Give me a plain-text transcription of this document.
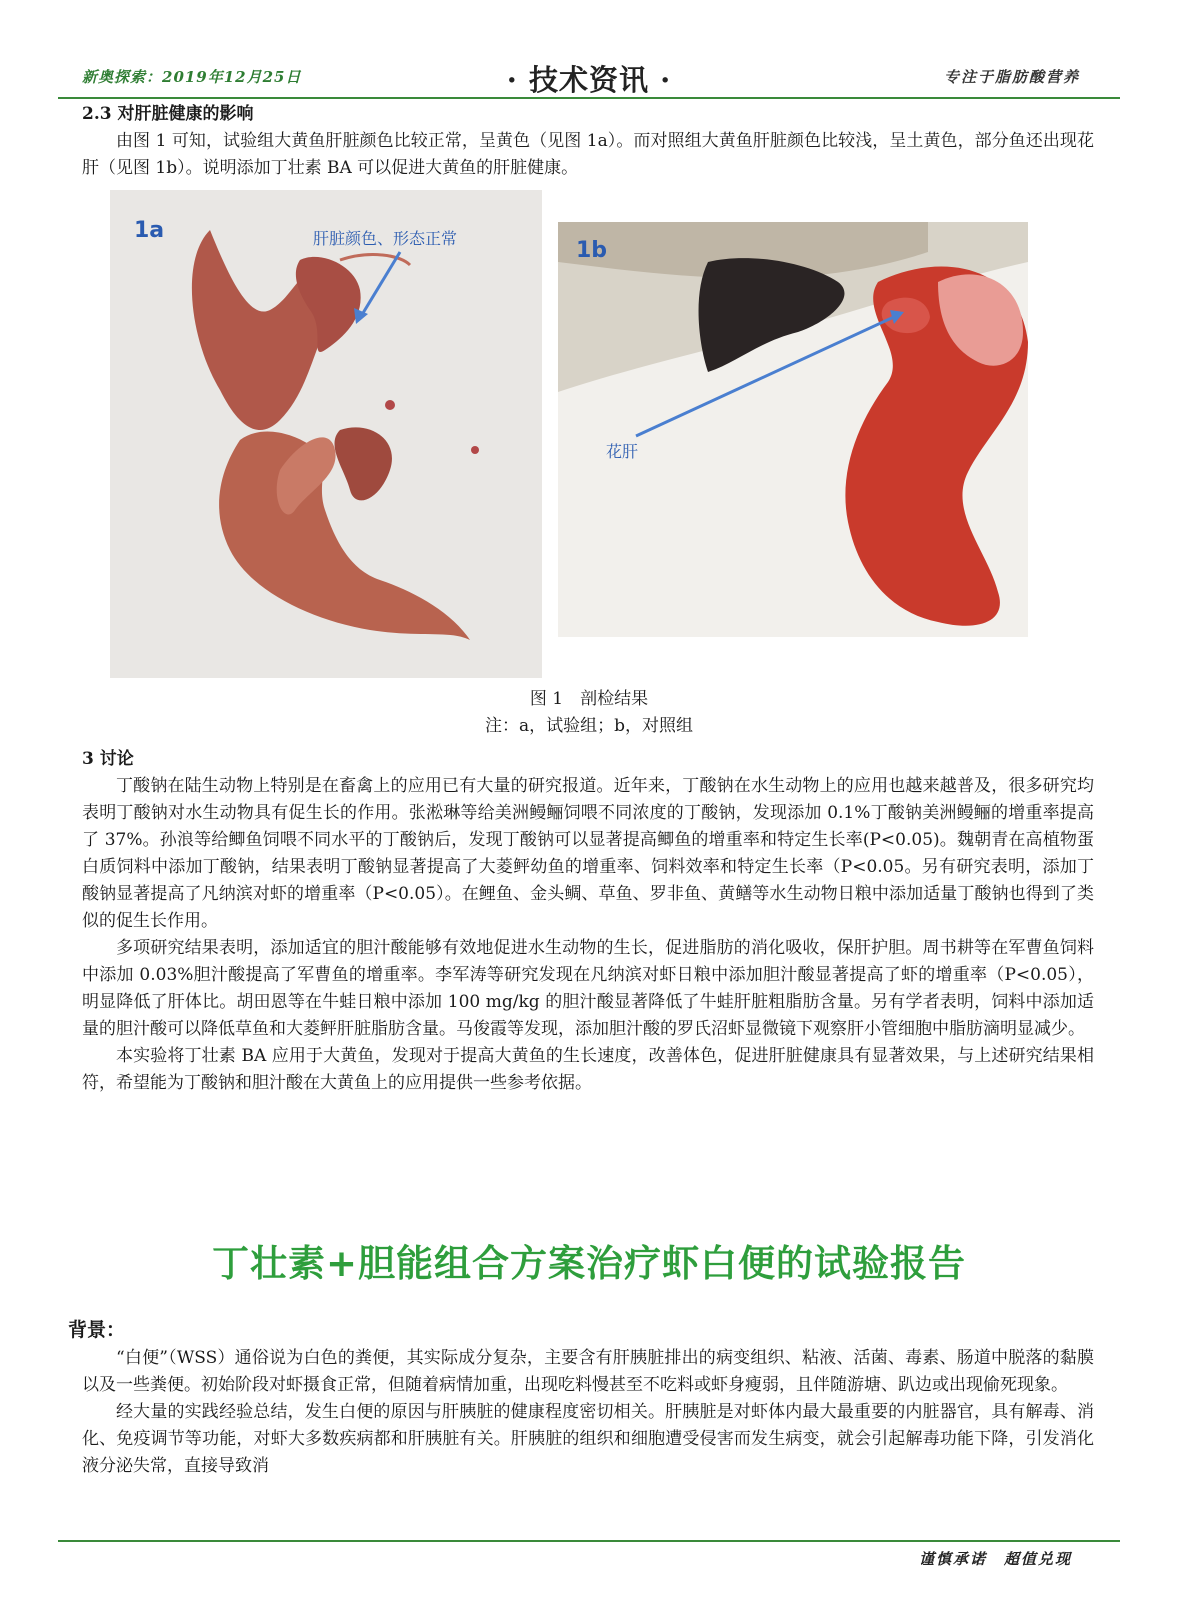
新奥探索：2019年12月25日	· 技术资讯 ·	专注于脂肪酸营养

2.3 对肝脏健康的影响

由图 1 可知，试验组大黄鱼肝脏颜色比较正常，呈黄色（见图 1a）。而对照组大黄鱼肝脏颜色比较浅，呈土黄色，部分鱼还出现花肝（见图 1b）。说明添加丁壮素 BA 可以促进大黄鱼的肝脏健康。

1a	肝脏颜色、形态正常	1b
花肝
图 1　剖检结果
注：a，试验组；b，对照组

3 讨论

丁酸钠在陆生动物上特别是在畜禽上的应用已有大量的研究报道。近年来，丁酸钠在水生动物上的应用也越来越普及，很多研究均表明丁酸钠对水生动物具有促生长的作用。张淞琳等给美洲鳗鲡饲喂不同浓度的丁酸钠，发现添加 0.1%丁酸钠美洲鳗鲡的增重率提高了 37%。孙浪等给鲫鱼饲喂不同水平的丁酸钠后，发现丁酸钠可以显著提高鲫鱼的增重率和特定生长率(P<0.05)。魏朝青在高植物蛋白质饲料中添加丁酸钠，结果表明丁酸钠显著提高了大菱鲆幼鱼的增重率、饲料效率和特定生长率（P<0.05。另有研究表明，添加丁酸钠显著提高了凡纳滨对虾的增重率（P<0.05）。在鲤鱼、金头鲷、草鱼、罗非鱼、黄鳝等水生动物日粮中添加适量丁酸钠也得到了类似的促生长作用。

多项研究结果表明，添加适宜的胆汁酸能够有效地促进水生动物的生长，促进脂肪的消化吸收，保肝护胆。周书耕等在军曹鱼饲料中添加 0.03%胆汁酸提高了军曹鱼的增重率。李军涛等研究发现在凡纳滨对虾日粮中添加胆汁酸显著提高了虾的增重率（P<0.05），明显降低了肝体比。胡田恩等在牛蛙日粮中添加 100 mg/kg 的胆汁酸显著降低了牛蛙肝脏粗脂肪含量。另有学者表明，饲料中添加适量的胆汁酸可以降低草鱼和大菱鲆肝脏脂肪含量。马俊霞等发现，添加胆汁酸的罗氏沼虾显微镜下观察肝小管细胞中脂肪滴明显减少。

本实验将丁壮素 BA 应用于大黄鱼，发现对于提高大黄鱼的生长速度，改善体色，促进肝脏健康具有显著效果，与上述研究结果相符，希望能为丁酸钠和胆汁酸在大黄鱼上的应用提供一些参考依据。

丁壮素+胆能组合方案治疗虾白便的试验报告
背景：

“白便”（WSS）通俗说为白色的粪便，其实际成分复杂，主要含有肝胰脏排出的病变组织、粘液、活菌、毒素、肠道中脱落的黏膜以及一些粪便。初始阶段对虾摄食正常，但随着病情加重，出现吃料慢甚至不吃料或虾身瘦弱，且伴随游塘、趴边或出现偷死现象。

经大量的实践经验总结，发生白便的原因与肝胰脏的健康程度密切相关。肝胰脏是对虾体内最大最重要的内脏器官，具有解毒、消化、免疫调节等功能，对虾大多数疾病都和肝胰脏有关。肝胰脏的组织和细胞遭受侵害而发生病变，就会引起解毒功能下降，引发消化液分泌失常，直接导致消

谨慎承诺　超值兑现
